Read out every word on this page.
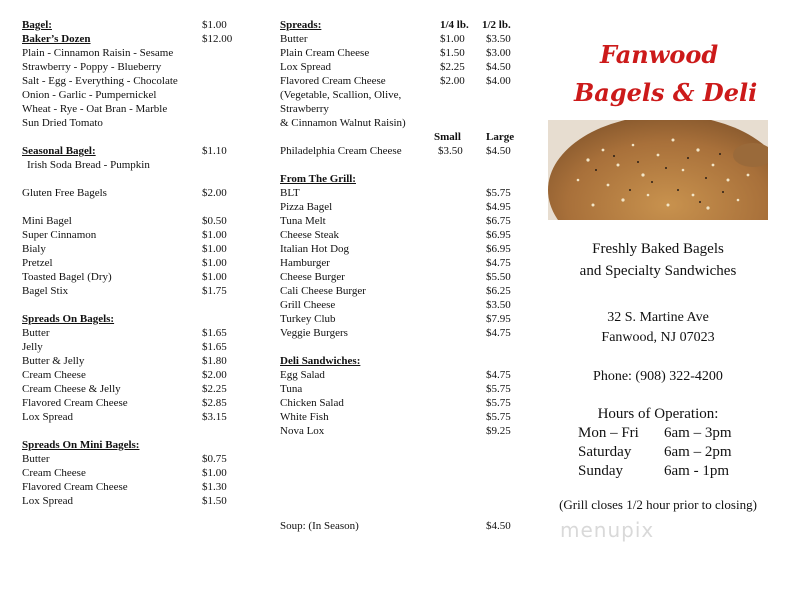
Bagel:	$1.00
Baker’s Dozen	$12.00
Plain - Cinnamon Raisin - Sesame
Strawberry - Poppy - Blueberry
Salt - Egg - Everything - Chocolate
Onion - Garlic - Pumpernickel
Wheat - Rye - Oat Bran - Marble
Sun Dried Tomato
Seasonal Bagel:	$1.10
Irish Soda Bread - Pumpkin
Gluten Free Bagels	$2.00
Mini Bagel	$0.50
Super Cinnamon	$1.00
Bialy	$1.00
Pretzel	$1.00
Toasted Bagel (Dry)	$1.00
Bagel Stix	$1.75
Spreads On Bagels:
Butter	$1.65
Jelly	$1.65
Butter & Jelly	$1.80
Cream Cheese	$2.00
Cream Cheese & Jelly	$2.25
Flavored Cream Cheese	$2.85
Lox Spread	$3.15
Spreads On Mini Bagels:
Butter	$0.75
Cream Cheese	$1.00
Flavored Cream Cheese	$1.30
Lox Spread	$1.50
Spreads:	1/4 lb. 1/2 lb.
Butter	$1.00 $3.50
Plain Cream Cheese	$1.50 $3.00
Lox Spread	$2.25 $4.50
Flavored Cream Cheese	$2.00 $4.00
(Vegetable, Scallion, Olive,
Strawberry
& Cinnamon Walnut Raisin)
Small Large
Philadelphia Cream Cheese	$3.50 $4.50
From The Grill:
BLT	$5.75
Pizza Bagel	$4.95
Tuna Melt	$6.75
Cheese Steak	$6.95
Italian Hot Dog	$6.95
Hamburger	$4.75
Cheese Burger	$5.50
Cali Cheese Burger	$6.25
Grill Cheese	$3.50
Turkey Club	$7.95
Veggie Burgers	$4.75
Deli Sandwiches:
Egg Salad	$4.75
Tuna	$5.75
Chicken Salad	$5.75
White Fish	$5.75
Nova Lox	$9.25
Soup: (In Season)	$4.50
Fanwood
Bagels & Deli
Freshly Baked Bagels
and Specialty Sandwiches
32 S. Martine Ave
Fanwood, NJ 07023
Phone: (908) 322-4200
Hours of Operation:
Mon – Fri 6am – 3pm
Saturday 6am – 2pm
Sunday	6am - 1pm
(Grill closes 1/2 hour prior to closing)
menupix
